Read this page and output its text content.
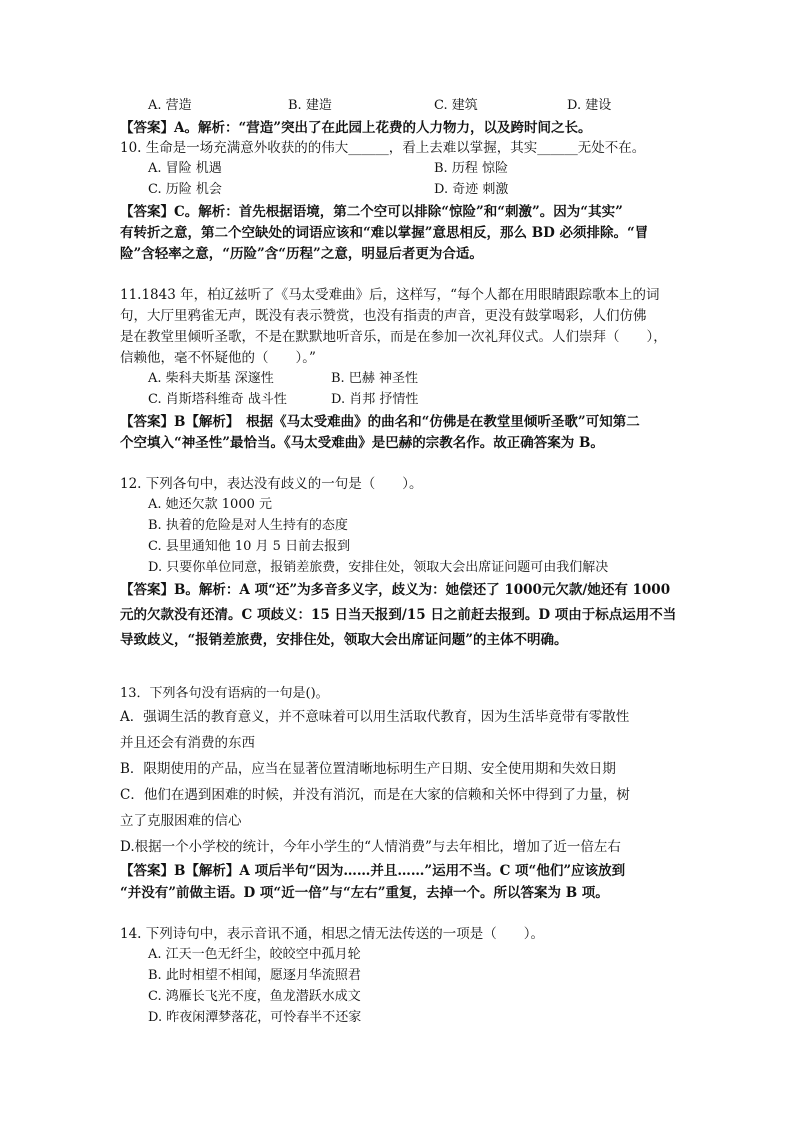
A. 营造	B. 建造	C. 建筑	D. 建设
【答案】A。解析：“营造”突出了在此园上花费的人力物力，以及跨时间之长。
10. 生命是一场充满意外收获的的伟大______，看上去难以掌握，其实______无处不在。
A. 冒险 机遇	B. 历程 惊险
C. 历险 机会	D. 奇迹 刺激
【答案】C。解析：首先根据语境，第二个空可以排除“惊险”和“刺激”。因为“其实”
有转折之意，第二个空缺处的词语应该和“难以掌握”意思相反，那么 BD 必须排除。“冒
险”含轻率之意，“历险”含“历程”之意，明显后者更为合适。
11.1843 年，柏辽兹听了《马太受难曲》后，这样写，“每个人都在用眼睛跟踪歌本上的词
句，大厅里鸦雀无声，既没有表示赞赏，也没有指责的声音，更没有鼓掌喝彩，人们仿佛
是在教堂里倾听圣歌，不是在默默地听音乐，而是在参加一次礼拜仪式。人们崇拜（　　），
信赖他，毫不怀疑他的（　　）。”
A. 柴科夫斯基 深邃性	B. 巴赫 神圣性
C. 肖斯塔科维奇 战斗性	D. 肖邦 抒情性
【答案】B【解析】　根据《马太受难曲》的曲名和“仿佛是在教堂里倾听圣歌”可知第二
个空填入“神圣性”最恰当。《马太受难曲》是巴赫的宗教名作。故正确答案为 B。
12. 下列各句中，表达没有歧义的一句是（　　）。
A. 她还欠款 1000 元
B. 执着的危险是对人生持有的态度
C. 县里通知他 10 月 5 日前去报到
D. 只要你单位同意，报销差旅费，安排住处，领取大会出席证问题可由我们解决
【答案】B。解析：A 项“还”为多音多义字，歧义为：她偿还了 1000元欠款/她还有 1000
元的欠款没有还清。C 项歧义：15 日当天报到/15 日之前赶去报到。D 项由于标点运用不当
导致歧义，“报销差旅费，安排住处，领取大会出席证问题”的主体不明确。
13．下列各句没有语病的一句是()。
A．强调生活的教育意义，并不意味着可以用生活取代教育，因为生活毕竟带有零散性
并且还会有消费的东西
B．限期使用的产品，应当在显著位置清晰地标明生产日期、安全使用期和失效日期
C．他们在遇到困难的时候，并没有消沉，而是在大家的信赖和关怀中得到了力量，树
立了克服困难的信心
D.根据一个小学校的统计，今年小学生的“人情消费”与去年相比，增加了近一倍左右
【答案】B【解析】A 项后半句“因为……并且……”运用不当。C 项“他们”应该放到
“并没有”前做主语。D 项“近一倍”与“左右”重复，去掉一个。所以答案为 B 项。
14. 下列诗句中，表示音讯不通，相思之情无法传送的一项是（　　）。
A. 江天一色无纤尘，皎皎空中孤月轮
B. 此时相望不相闻，愿逐月华流照君
C. 鸿雁长飞光不度，鱼龙潜跃水成文
D. 昨夜闲潭梦落花，可怜春半不还家
